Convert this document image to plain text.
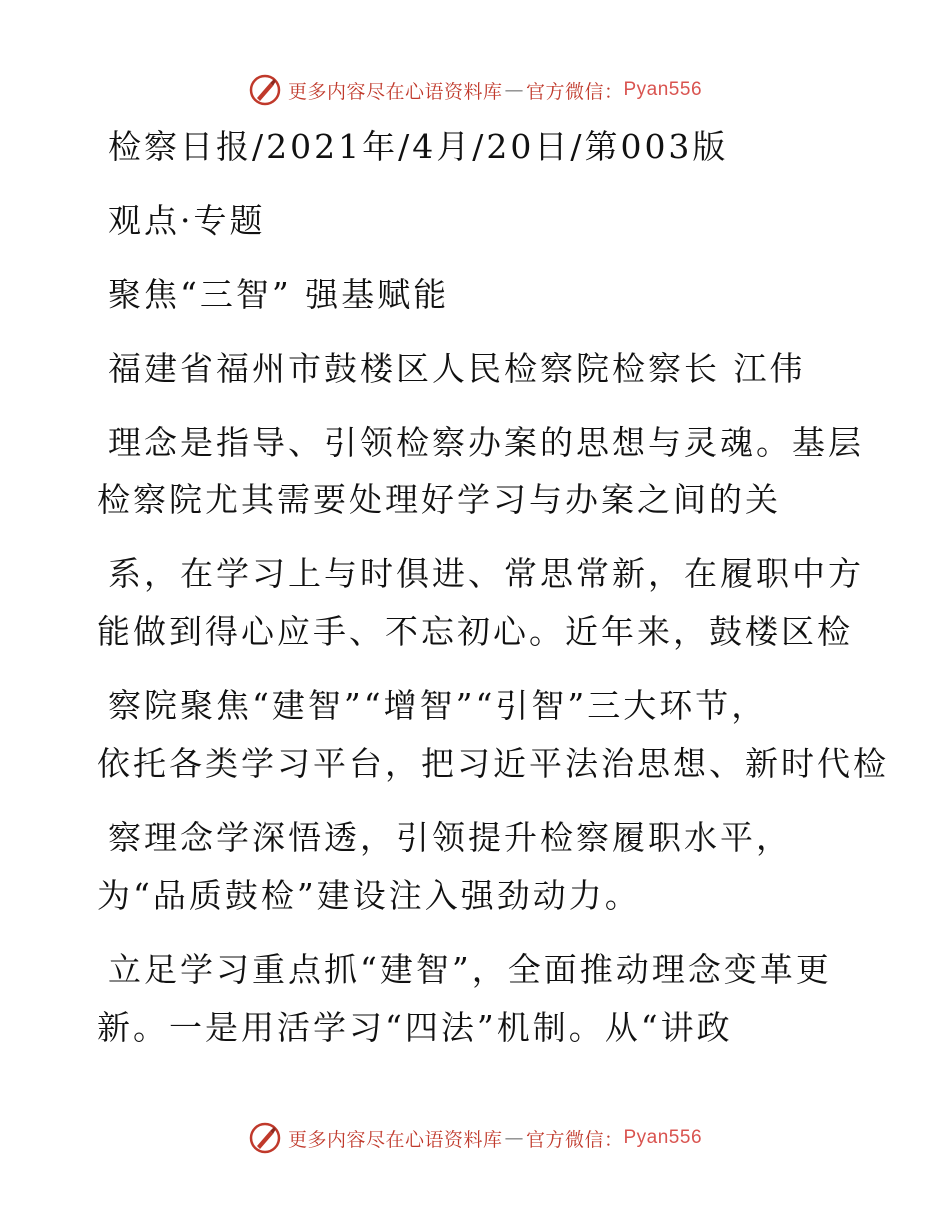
更多内容尽在心语资料库 — 官方微信： Pyan556
检察日报/2021年/4月/20日/第003版
观点·专题
聚焦“三智” 强基赋能
福建省福州市鼓楼区人民检察院检察长 江伟
理念是指导、引领检察办案的思想与灵魂。基层
检察院尤其需要处理好学习与办案之间的关
系，在学习上与时俱进、常思常新，在履职中方
能做到得心应手、不忘初心。近年来，鼓楼区检
察院聚焦“建智”“增智”“引智”三大环节，
依托各类学习平台，把习近平法治思想、新时代检
察理念学深悟透，引领提升检察履职水平，
为“品质鼓检”建设注入强劲动力。
立足学习重点抓“建智”，全面推动理念变革更
新。一是用活学习“四法”机制。从“讲政
更多内容尽在心语资料库 — 官方微信： Pyan556
